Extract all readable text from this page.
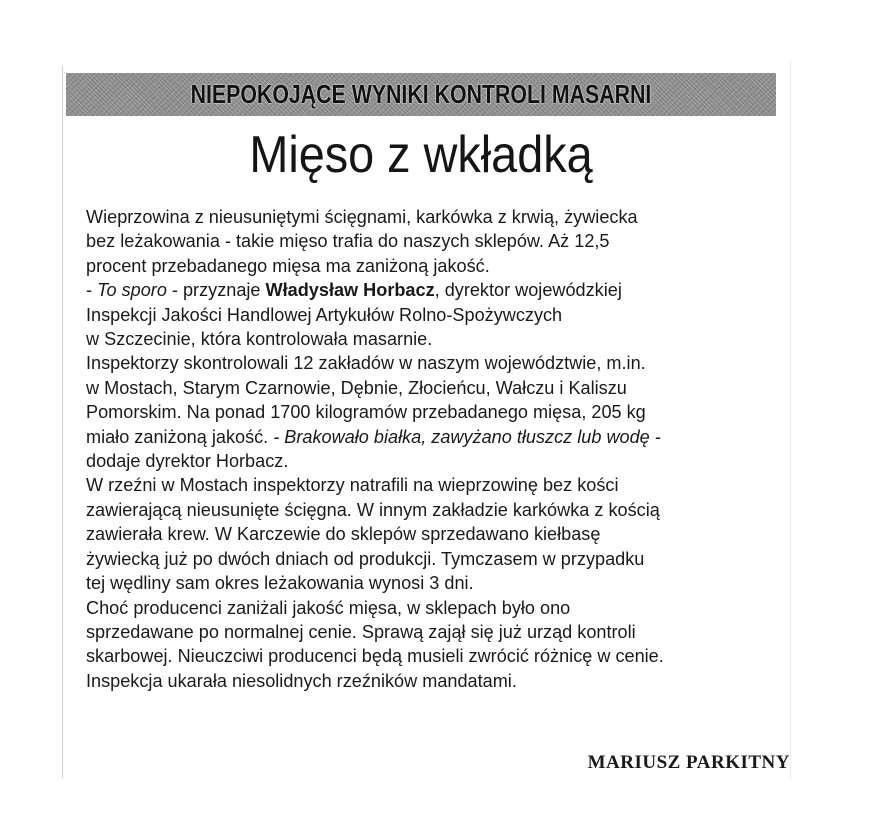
NIEPOKOJĄCE WYNIKI KONTROLI MASARNI
Mięso z wkładką
Wieprzowina z nieusuniętymi ścięgnami, karkówka z krwią, żywiecka
bez leżakowania - takie mięso trafia do naszych sklepów. Aż 12,5
procent przebadanego mięsa ma zaniżoną jakość.
- To sporo - przyznaje Władysław Horbacz, dyrektor wojewódzkiej
Inspekcji Jakości Handlowej Artykułów Rolno-Spożywczych
w Szczecinie, która kontrolowała masarnie.
Inspektorzy skontrolowali 12 zakładów w naszym województwie, m.in.
w Mostach, Starym Czarnowie, Dębnie, Złocieńcu, Wałczu i Kaliszu
Pomorskim. Na ponad 1700 kilogramów przebadanego mięsa, 205 kg
miało zaniżoną jakość. - Brakowało białka, zawyżano tłuszcz lub wodę -
dodaje dyrektor Horbacz.
W rzeźni w Mostach inspektorzy natrafili na wieprzowinę bez kości
zawierającą nieusunięte ścięgna. W innym zakładzie karkówka z kością
zawierała krew. W Karczewie do sklepów sprzedawano kiełbasę
żywiecką już po dwóch dniach od produkcji. Tymczasem w przypadku
tej wędliny sam okres leżakowania wynosi 3 dni.
Choć producenci zaniżali jakość mięsa, w sklepach było ono
sprzedawane po normalnej cenie. Sprawą zajął się już urząd kontroli
skarbowej. Nieuczciwi producenci będą musieli zwrócić różnicę w cenie.
Inspekcja ukarała niesolidnych rzeźników mandatami.
MARIUSZ PARKITNY
